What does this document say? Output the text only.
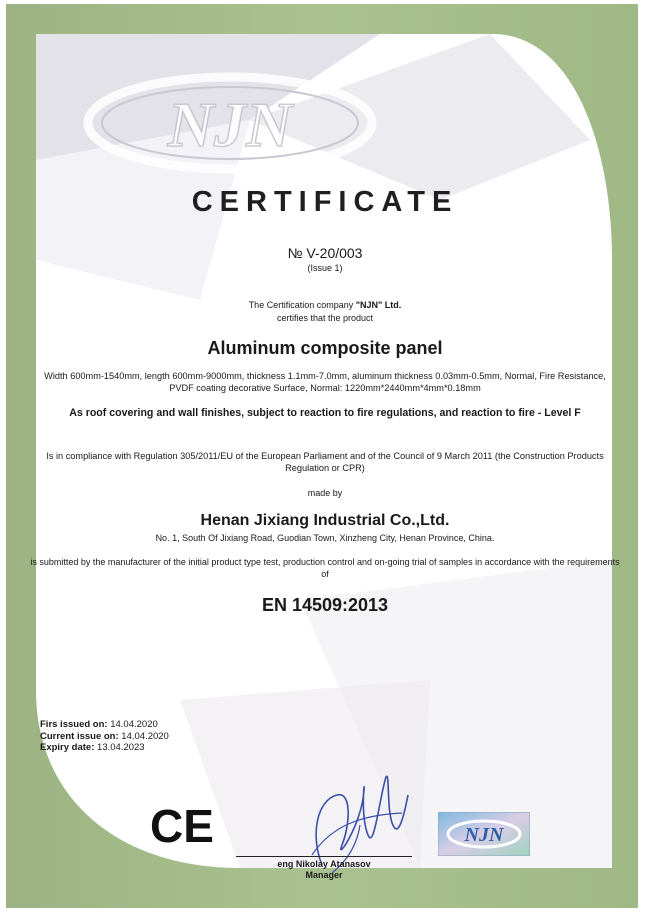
NJN
CERTIFICATE
№ V-20/003
(Issue 1)
The Certification company "NJN" Ltd.
certifies that the product
Aluminum composite panel
Width 600mm-1540mm, length 600mm-9000mm, thickness 1.1mm-7.0mm, aluminum thickness 0.03mm-0.5mm, Normal, Fire Resistance, PVDF coating decorative Surface, Normal: 1220mm*2440mm*4mm*0.18mm
As roof covering and wall finishes, subject to reaction to fire regulations, and reaction to fire - Level F
Is in compliance with Regulation 305/2011/EU of the European Parliament and of the Council of 9 March 2011 (the Construction Products Regulation or CPR)
made by
Henan Jixiang Industrial Co.,Ltd.
No. 1, South Of Jixiang Road, Guodian Town, Xinzheng City, Henan Province, China.
is submitted by the manufacturer of the initial product type test, production control and on-going trial of samples in accordance with the requirements of
EN 14509:2013
Firs issued on: 14.04.2020
Current issue on: 14.04.2020
Expiry date: 13.04.2023
CE
eng Nikolay Atanasov
Manager
NJN
